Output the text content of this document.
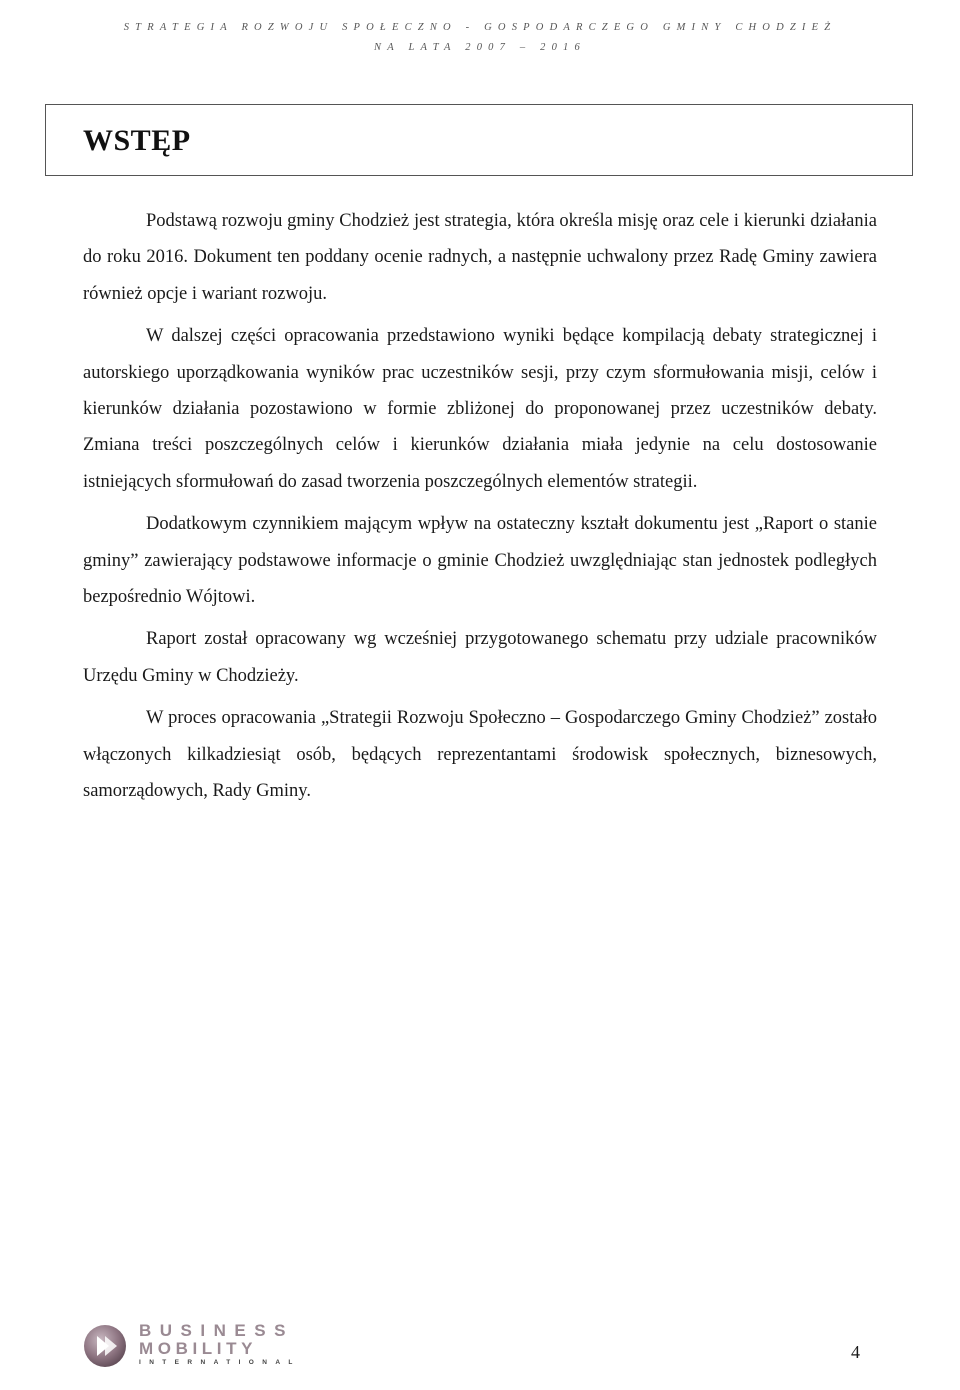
STRATEGIA ROZWOJU SPOŁECZNO - GOSPODARCZEGO GMINY CHODZIEŻ
NA LATA 2007 – 2016
WSTĘP

Podstawą rozwoju gminy Chodzież jest strategia, która określa misję oraz cele i kierunki działania do roku 2016. Dokument ten poddany ocenie radnych, a następnie uchwalony przez Radę Gminy zawiera również opcje i wariant rozwoju.

W dalszej części opracowania przedstawiono wyniki będące kompilacją debaty strategicznej i autorskiego uporządkowania wyników prac uczestników sesji, przy czym sformułowania misji, celów i kierunków działania pozostawiono w formie zbliżonej do proponowanej przez uczestników debaty. Zmiana treści poszczególnych celów i kierunków działania miała jedynie na celu dostosowanie istniejących sformułowań do zasad tworzenia poszczególnych elementów strategii.

Dodatkowym czynnikiem mającym wpływ na ostateczny kształt dokumentu jest „Raport o stanie gminy” zawierający podstawowe informacje o gminie Chodzież uwzględniając stan jednostek podległych bezpośrednio Wójtowi.

Raport został opracowany wg wcześniej przygotowanego schematu przy udziale pracowników Urzędu Gminy w Chodzieży.

W proces opracowania „Strategii Rozwoju Społeczno – Gospodarczego Gminy Chodzież” zostało włączonych kilkadziesiąt osób, będących reprezentantami środowisk społecznych, biznesowych, samorządowych, Rady Gminy.

BUSINESS
MOBILITY
INTERNATIONAL
4
